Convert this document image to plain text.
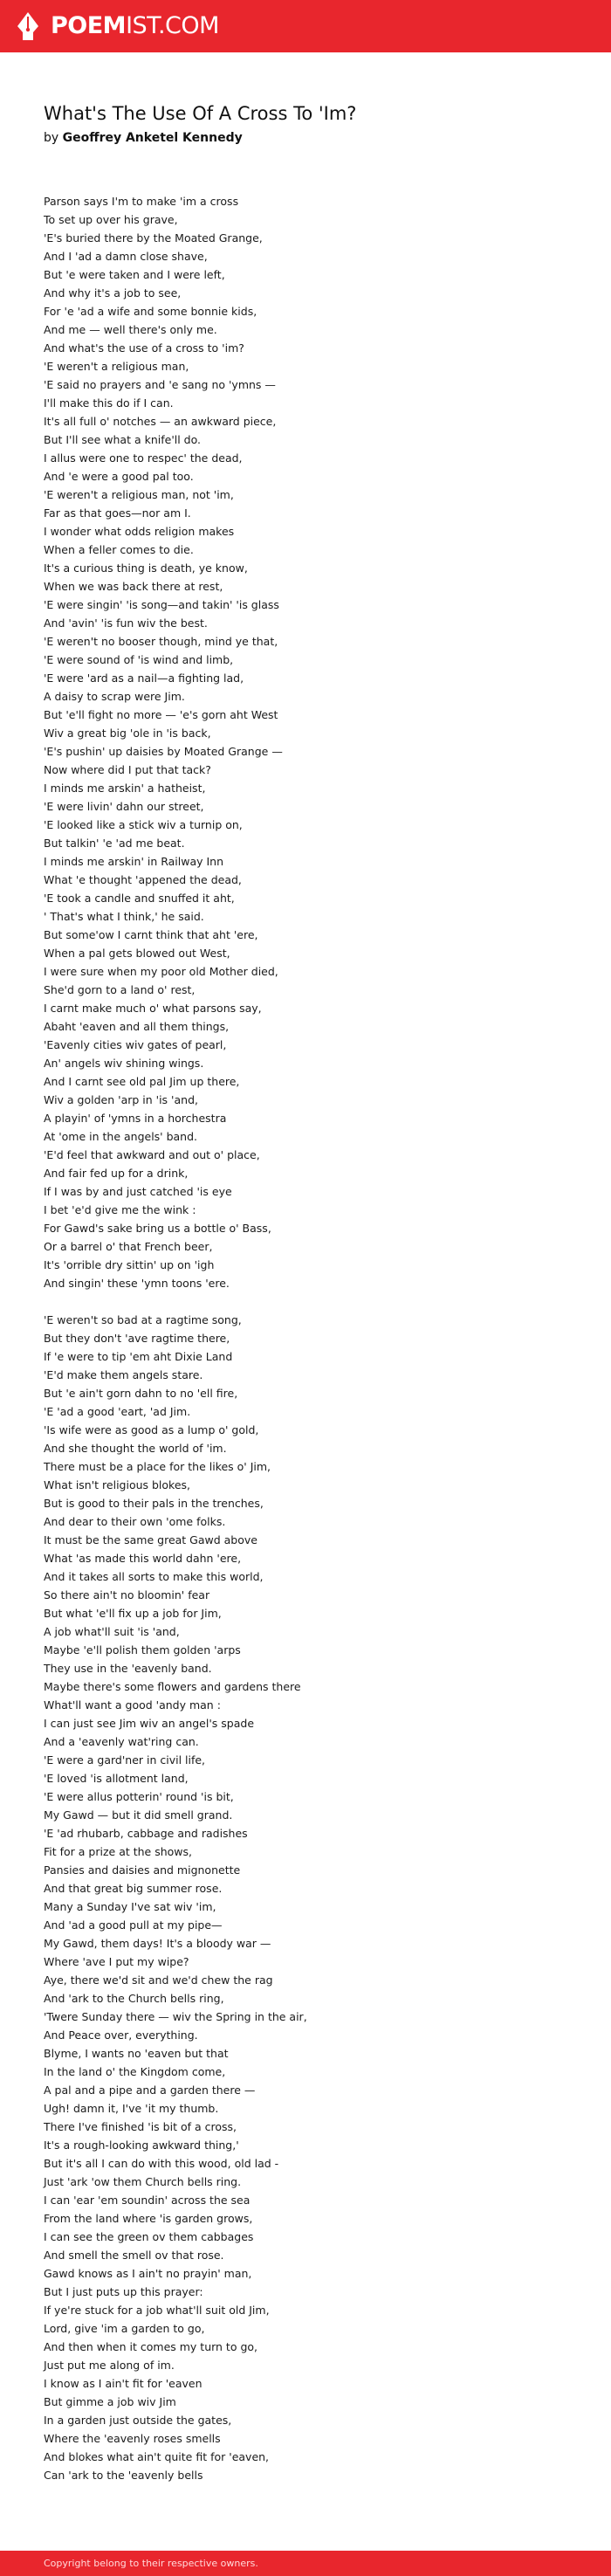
POEMIST.COM
What's The Use Of A Cross To 'Im?
by Geoffrey Anketel Kennedy
Parson says I'm to make 'im a cross
To set up over his grave,
'E's buried there by the Moated Grange,
And I 'ad a damn close shave,
But 'e were taken and I were left,
And why it's a job to see,
For 'e 'ad a wife and some bonnie kids,
And me — well there's only me.
And what's the use of a cross to 'im?
'E weren't a religious man,
'E said no prayers and 'e sang no 'ymns —
I'll make this do if I can.
It's all full o' notches — an awkward piece,
But I'll see what a knife'll do.
I allus were one to respec' the dead,
And 'e were a good pal too.
'E weren't a religious man, not 'im,
Far as that goes—nor am I.
I wonder what odds religion makes
When a feller comes to die.
It's a curious thing is death, ye know,
When we was back there at rest,
'E were singin' 'is song—and takin' 'is glass
And 'avin' 'is fun wiv the best.
'E weren't no booser though, mind ye that,
'E were sound of 'is wind and limb,
'E were 'ard as a nail—a fighting lad,
A daisy to scrap were Jim.
But 'e'll fight no more — 'e's gorn aht West
Wiv a great big 'ole in 'is back,
'E's pushin' up daisies by Moated Grange —
Now where did I put that tack?
I minds me arskin' a hatheist,
'E were livin' dahn our street,
'E looked like a stick wiv a turnip on,
But talkin' 'e 'ad me beat.
I minds me arskin' in Railway Inn
What 'e thought 'appened the dead,
'E took a candle and snuffed it aht,
' That's what I think,' he said.
But some'ow I carnt think that aht 'ere,
When a pal gets blowed out West,
I were sure when my poor old Mother died,
She'd gorn to a land o' rest,
I carnt make much o' what parsons say,
Abaht 'eaven and all them things,
'Eavenly cities wiv gates of pearl,
An' angels wiv shining wings.
And I carnt see old pal Jim up there,
Wiv a golden 'arp in 'is 'and,
A playin' of 'ymns in a horchestra
At 'ome in the angels' band.
'E'd feel that awkward and out o' place,
And fair fed up for a drink,
If I was by and just catched 'is eye
I bet 'e'd give me the wink :
For Gawd's sake bring us a bottle o' Bass,
Or a barrel o' that French beer,
It's 'orrible dry sittin' up on 'igh
And singin' these 'ymn toons 'ere.
'E weren't so bad at a ragtime song,
But they don't 'ave ragtime there,
If 'e were to tip 'em aht Dixie Land
'E'd make them angels stare.
But 'e ain't gorn dahn to no 'ell fire,
'E 'ad a good 'eart, 'ad Jim.
'Is wife were as good as a lump o' gold,
And she thought the world of 'im.
There must be a place for the likes o' Jim,
What isn't religious blokes,
But is good to their pals in the trenches,
And dear to their own 'ome folks.
It must be the same great Gawd above
What 'as made this world dahn 'ere,
And it takes all sorts to make this world,
So there ain't no bloomin' fear
But what 'e'll fix up a job for Jim,
A job what'll suit 'is 'and,
Maybe 'e'll polish them golden 'arps
They use in the 'eavenly band.
Maybe there's some flowers and gardens there
What'll want a good 'andy man :
I can just see Jim wiv an angel's spade
And a 'eavenly wat'ring can.
'E were a gard'ner in civil life,
'E loved 'is allotment land,
'E were allus potterin' round 'is bit,
My Gawd — but it did smell grand.
'E 'ad rhubarb, cabbage and radishes
Fit for a prize at the shows,
Pansies and daisies and mignonette
And that great big summer rose.
Many a Sunday I've sat wiv 'im,
And 'ad a good pull at my pipe—
My Gawd, them days! It's a bloody war —
Where 'ave I put my wipe?
Aye, there we'd sit and we'd chew the rag
And 'ark to the Church bells ring,
'Twere Sunday there — wiv the Spring in the air,
And Peace over, everything.
Blyme, I wants no 'eaven but that
In the land o' the Kingdom come,
A pal and a pipe and a garden there —
Ugh! damn it, I've 'it my thumb.
There I've finished 'is bit of a cross,
It's a rough-looking awkward thing,'
But it's all I can do with this wood, old lad -
Just 'ark 'ow them Church bells ring.
I can 'ear 'em soundin' across the sea
From the land where 'is garden grows,
I can see the green ov them cabbages
And smell the smell ov that rose.
Gawd knows as I ain't no prayin' man,
But I just puts up this prayer:
If ye're stuck for a job what'll suit old Jim,
Lord, give 'im a garden to go,
And then when it comes my turn to go,
Just put me along of im.
I know as I ain't fit for 'eaven
But gimme a job wiv Jim
In a garden just outside the gates,
Where the 'eavenly roses smells
And blokes what ain't quite fit for 'eaven,
Can 'ark to the 'eavenly bells
Copyright belong to their respective owners.
